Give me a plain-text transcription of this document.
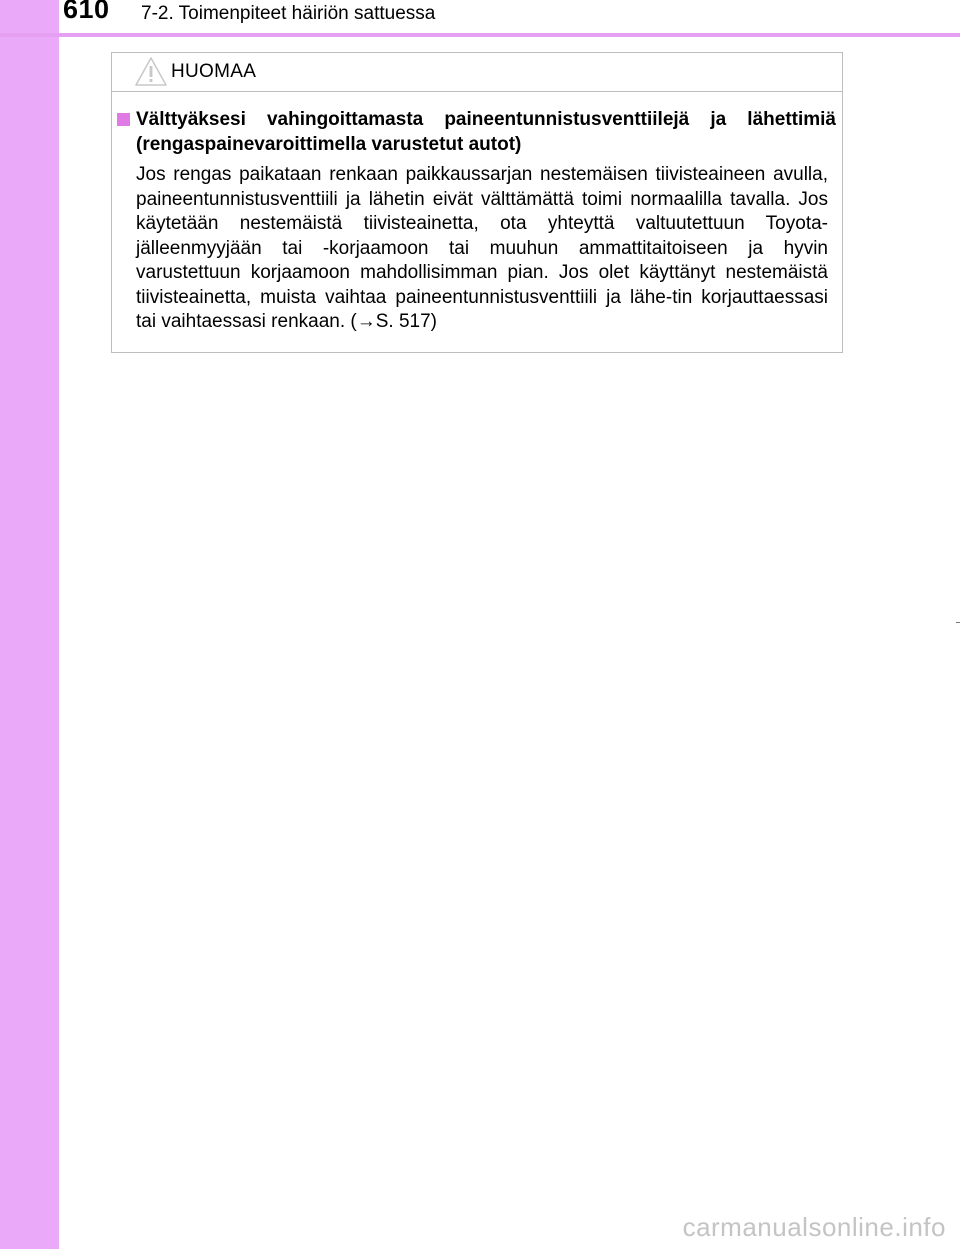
610 7-2. Toimenpiteet häiriön sattuessa
HUOMAA

Välttyäksesi vahingoittamasta paineentunnistusventtiilejä ja lähettimiä (rengaspainevaroittimella varustetut autot)

Jos rengas paikataan renkaan paikkaussarjan nestemäisen tiivisteaineen avulla, paineentunnistusventtiili ja lähetin eivät välttämättä toimi normaalilla tavalla. Jos käytetään nestemäistä tiivisteainetta, ota yhteyttä valtuutettuun Toyota-jälleenmyyjään tai -korjaamoon tai muuhun ammattitaitoiseen ja hyvin varustettuun korjaamoon mahdollisimman pian. Jos olet käyttänyt nestemäistä tiivisteainetta, muista vaihtaa paineentunnistusventtiili ja lähe-tin korjauttaessasi tai vaihtaessasi renkaan. (→S. 517)

carmanualsonline.info
